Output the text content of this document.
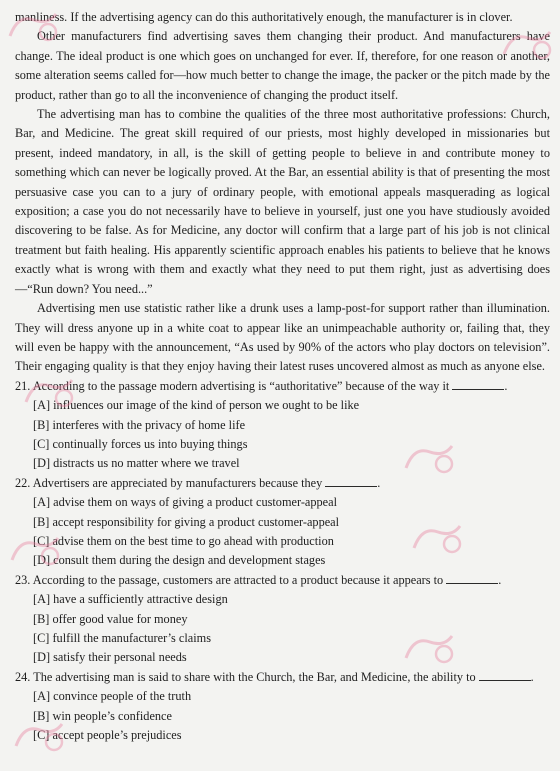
manliness. If the advertising agency can do this authoritatively enough, the manufacturer is in clover.

Other manufacturers find advertising saves them changing their product. And manufacturers have change. The ideal product is one which goes on unchanged for ever. If, therefore, for one reason or another, some alteration seems called for—how much better to change the image, the packer or the pitch made by the product, rather than go to all the inconvenience of changing the product itself.

The advertising man has to combine the qualities of the three most authoritative professions: Church, Bar, and Medicine. The great skill required of our priests, most highly developed in missionaries but present, indeed mandatory, in all, is the skill of getting people to believe in and contribute money to something which can never be logically proved. At the Bar, an essential ability is that of presenting the most persuasive case you can to a jury of ordinary people, with emotional appeals masquerading as logical exposition; a case you do not necessarily have to believe in yourself, just one you have studiously avoided discovering to be false. As for Medicine, any doctor will confirm that a large part of his job is not clinical treatment but faith healing. His apparently scientific approach enables his patients to believe that he knows exactly what is wrong with them and exactly what they need to put them right, just as advertising does—“Run down? You need...”

Advertising men use statistic rather like a drunk uses a lamp-post-for support rather than illumination. They will dress anyone up in a white coat to appear like an unimpeachable authority or, failing that, they will even be happy with the announcement, “As used by 90% of the actors who play doctors on television”. Their engaging quality is that they enjoy having their latest ruses uncovered almost as much as anyone else.

21. According to the passage modern advertising is “authoritative” because of the way it	.

[A] influences our image of the kind of person we ought to be like
[B] interferes with the privacy of home life
[C] continually forces us into buying things
[D] distracts us no matter where we travel

22. Advertisers are appreciated by manufacturers because they	.

[A] advise them on ways of giving a product customer-appeal
[B] accept responsibility for giving a product customer-appeal
[C] advise them on the best time to go ahead with production
[D] consult them during the design and development stages

23. According to the passage, customers are attracted to a product because it appears to	.

[A] have a sufficiently attractive design
[B] offer good value for money
[C] fulfill the manufacturer’s claims
[D] satisfy their personal needs

24. The advertising man is said to share with the Church, the Bar, and Medicine, the ability to	.

[A] convince people of the truth
[B] win people’s confidence
[C] accept people’s prejudices
